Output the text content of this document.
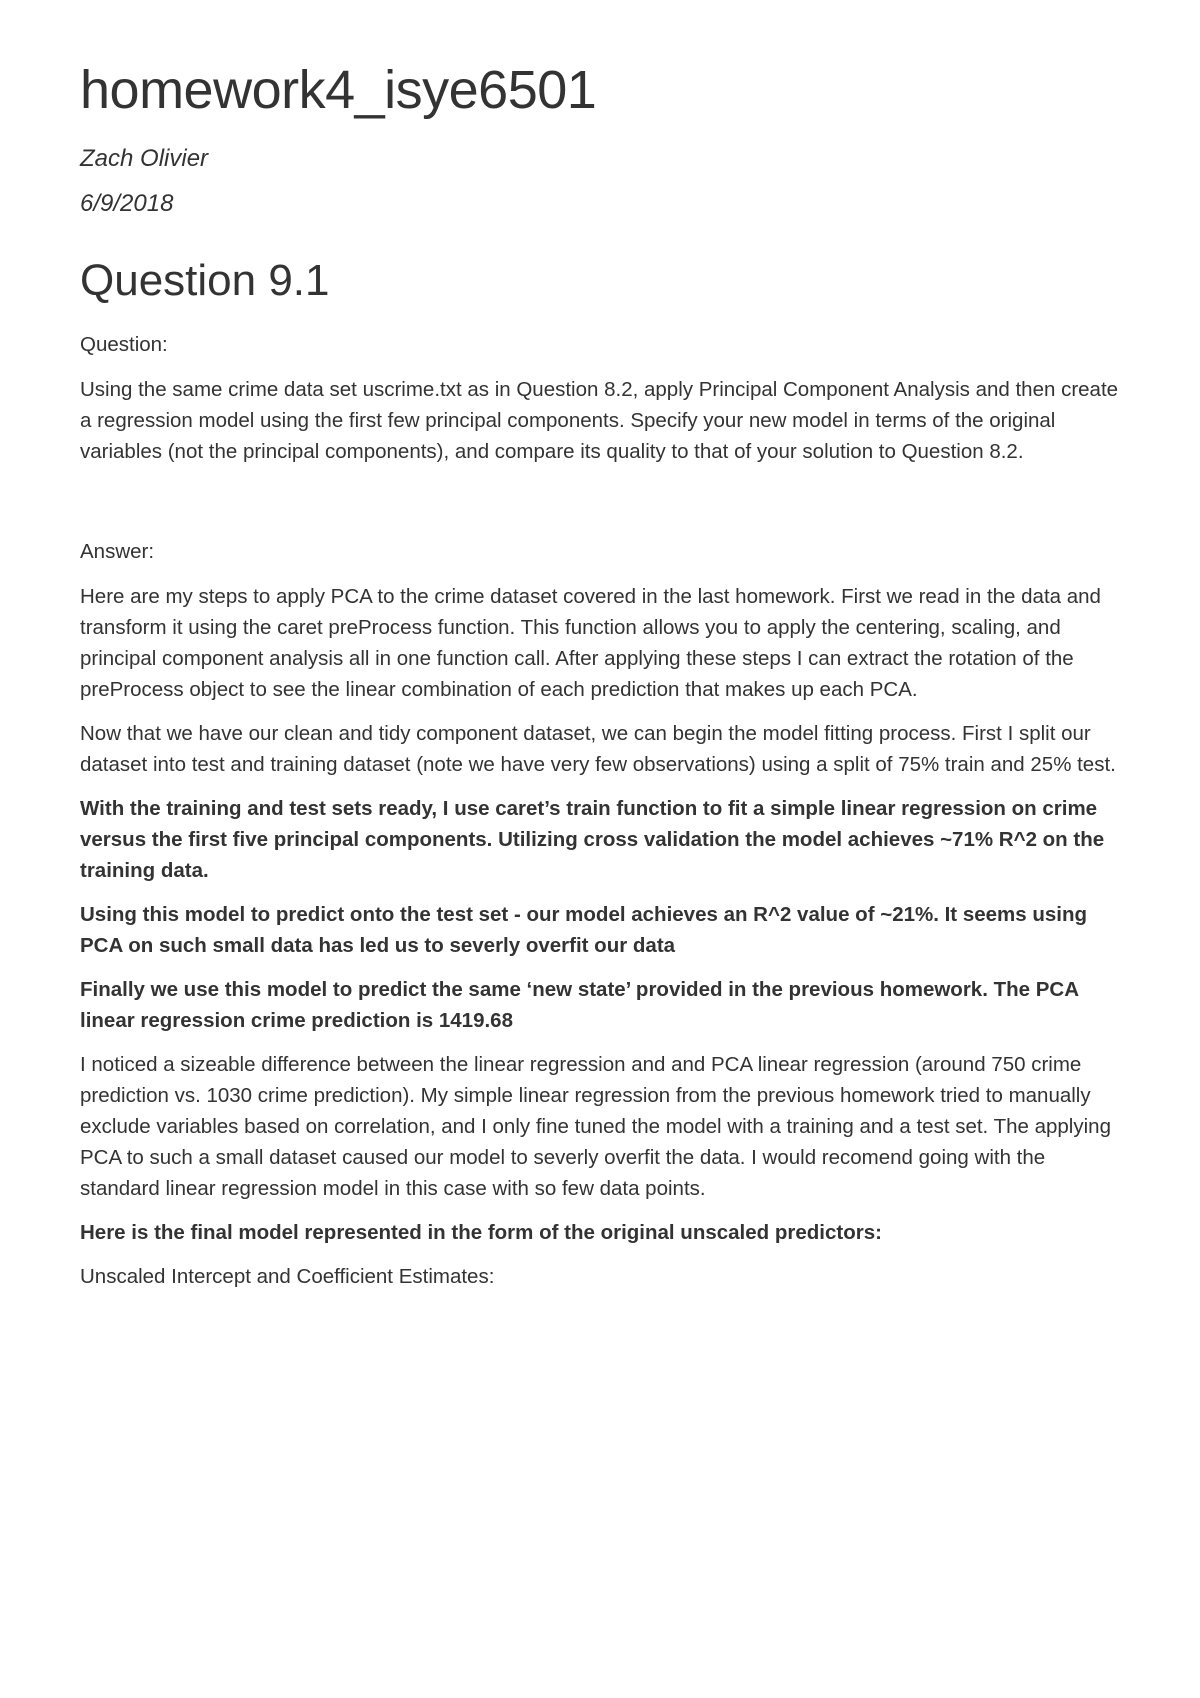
homework4_isye6501

Zach Olivier

6/9/2018

Question 9.1

Question:

Using the same crime data set uscrime.txt as in Question 8.2, apply Principal Component Analysis and then create a regression model using the first few principal components. Specify your new model in terms of the original variables (not the principal components), and compare its quality to that of your solution to Question 8.2.

Answer:

Here are my steps to apply PCA to the crime dataset covered in the last homework. First we read in the data and transform it using the caret preProcess function. This function allows you to apply the centering, scaling, and principal component analysis all in one function call. After applying these steps I can extract the rotation of the preProcess object to see the linear combination of each prediction that makes up each PCA.

Now that we have our clean and tidy component dataset, we can begin the model fitting process. First I split our dataset into test and training dataset (note we have very few observations) using a split of 75% train and 25% test.

With the training and test sets ready, I use caret’s train function to fit a simple linear regression on crime versus the first five principal components. Utilizing cross validation the model achieves ~71% R^2 on the training data.

Using this model to predict onto the test set - our model achieves an R^2 value of ~21%. It seems using PCA on such small data has led us to severly overfit our data

Finally we use this model to predict the same ‘new state’ provided in the previous homework. The PCA linear regression crime prediction is 1419.68

I noticed a sizeable difference between the linear regression and and PCA linear regression (around 750 crime prediction vs. 1030 crime prediction). My simple linear regression from the previous homework tried to manually exclude variables based on correlation, and I only fine tuned the model with a training and a test set. The applying PCA to such a small dataset caused our model to severly overfit the data. I would recomend going with the standard linear regression model in this case with so few data points.

Here is the final model represented in the form of the original unscaled predictors:

Unscaled Intercept and Coefficient Estimates:
